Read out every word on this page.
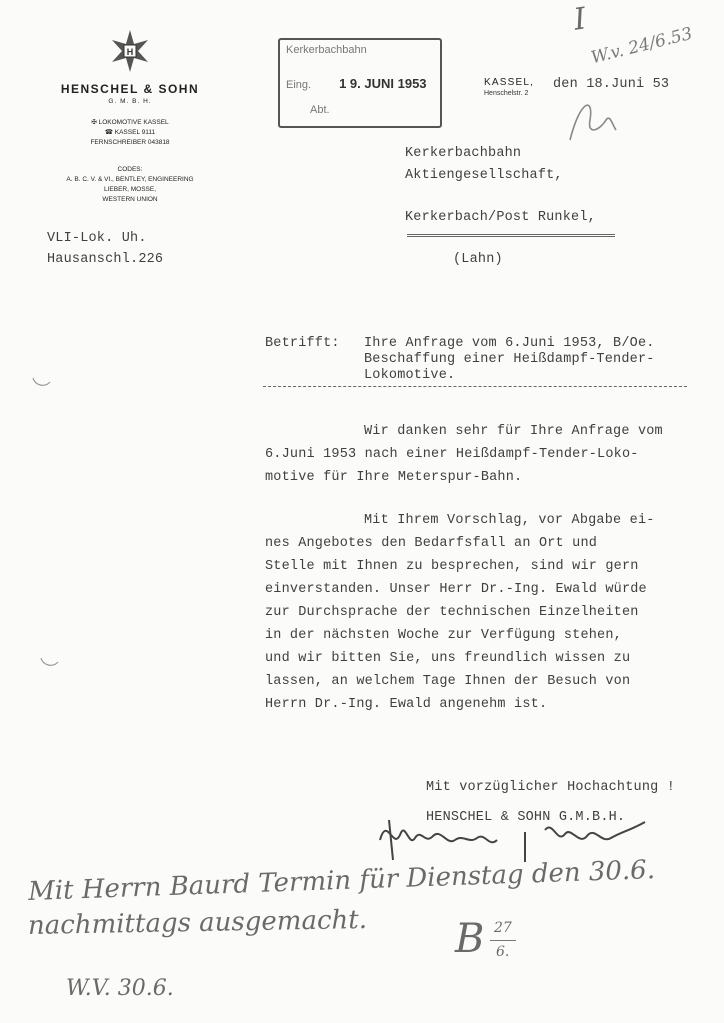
H
HENSCHEL & SOHN
G. M. B. H.
✠ LOKOMOTIVE KASSEL
☎ KASSEL 9111
FERNSCHREIBER 043818
CODES:
A. B. C. V. & VI., BENTLEY, ENGINEERING
LIEBER, MOSSE,
WESTERN UNION
Kerkerbachbahn
Eing. 1 9. JUNI 1953
Abt.
KASSEL,
Henschelstr. 2
den 18.Juni 53
VLI-Lok. Uh.
Hausanschl.226
Kerkerbachbahn
Aktiengesellschaft,
Kerkerbach/Post Runkel,
(Lahn)
Betrifft: Ihre Anfrage vom 6.Juni 1953, B/Oe.
Beschaffung einer Heißdampf-Tender-
Lokomotive.
Wir danken sehr für Ihre Anfrage vom
6.Juni 1953 nach einer Heißdampf-Tender-Loko-
motive für Ihre Meterspur-Bahn.
Mit Ihrem Vorschlag, vor Abgabe ei-
nes Angebotes den Bedarfsfall an Ort und
Stelle mit Ihnen zu besprechen, sind wir gern
einverstanden. Unser Herr Dr.-Ing. Ewald würde
zur Durchsprache der technischen Einzelheiten
in der nächsten Woche zur Verfügung stehen,
und wir bitten Sie, uns freundlich wissen zu
lassen, an welchem Tage Ihnen der Besuch von
Herrn Dr.-Ing. Ewald angenehm ist.
Mit vorzüglicher Hochachtung !
HENSCHEL & SOHN G.M.B.H.
I
W.v. 24/6.53
Mit Herrn Baurd Termin für Dienstag den 30.6.
nachmittags ausgemacht. B 27
6.
W.V. 30.6.
